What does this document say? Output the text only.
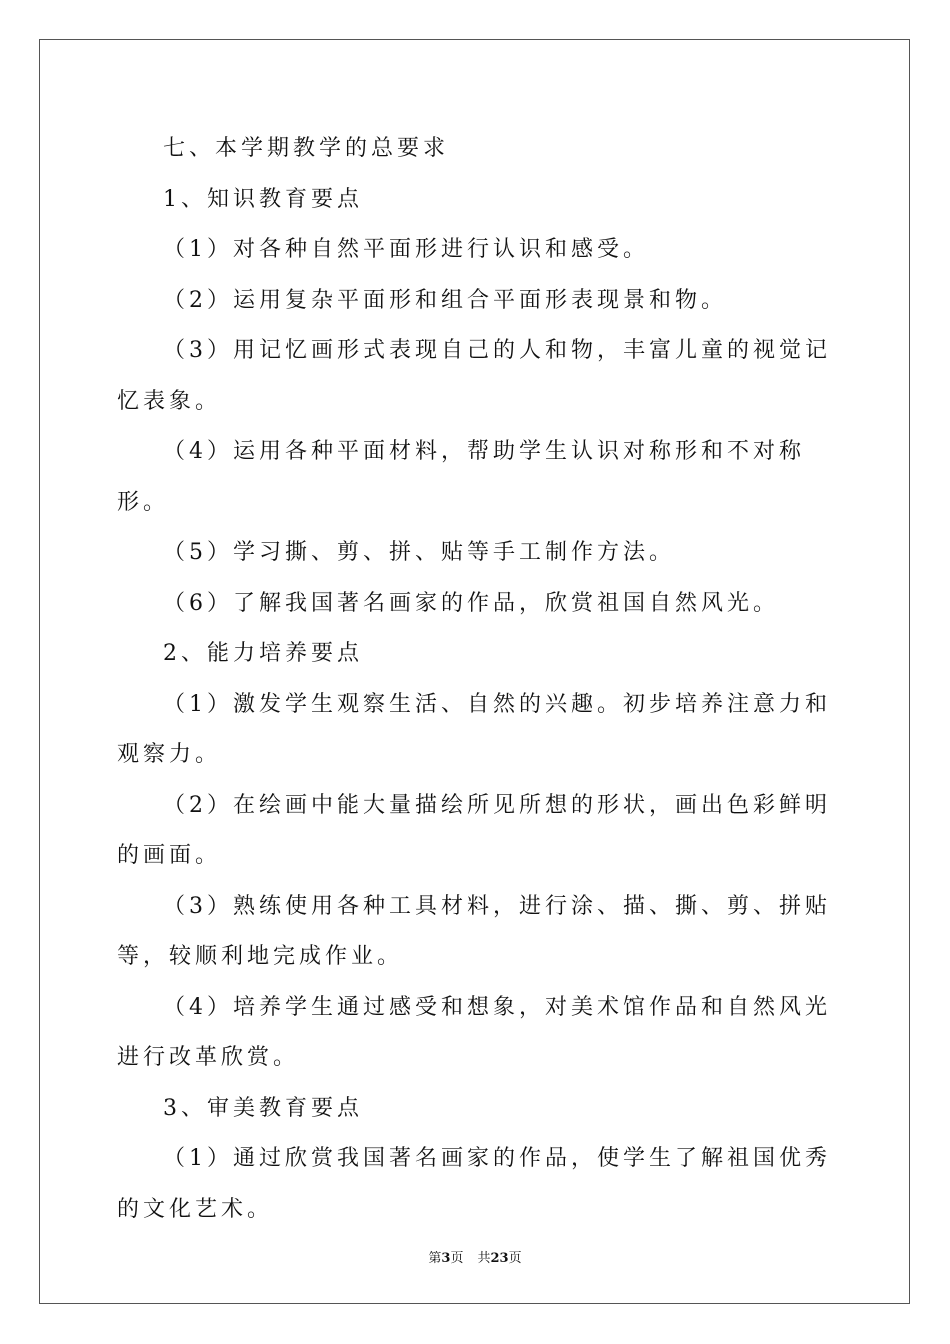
七、本学期教学的总要求

1、知识教育要点

（1）对各种自然平面形进行认识和感受。

（2）运用复杂平面形和组合平面形表现景和物。

（3）用记忆画形式表现自己的人和物，丰富儿童的视觉记忆表象。

（4）运用各种平面材料，帮助学生认识对称形和不对称形。

（5）学习撕、剪、拼、贴等手工制作方法。

（6）了解我国著名画家的作品，欣赏祖国自然风光。

2、能力培养要点

（1）激发学生观察生活、自然的兴趣。初步培养注意力和观察力。

（2）在绘画中能大量描绘所见所想的形状，画出色彩鲜明的画面。

（3）熟练使用各种工具材料，进行涂、描、撕、剪、拼贴等，较顺利地完成作业。

（4）培养学生通过感受和想象，对美术馆作品和自然风光进行改革欣赏。

3、审美教育要点

（1）通过欣赏我国著名画家的作品，使学生了解祖国优秀的文化艺术。

第3页 共23页
